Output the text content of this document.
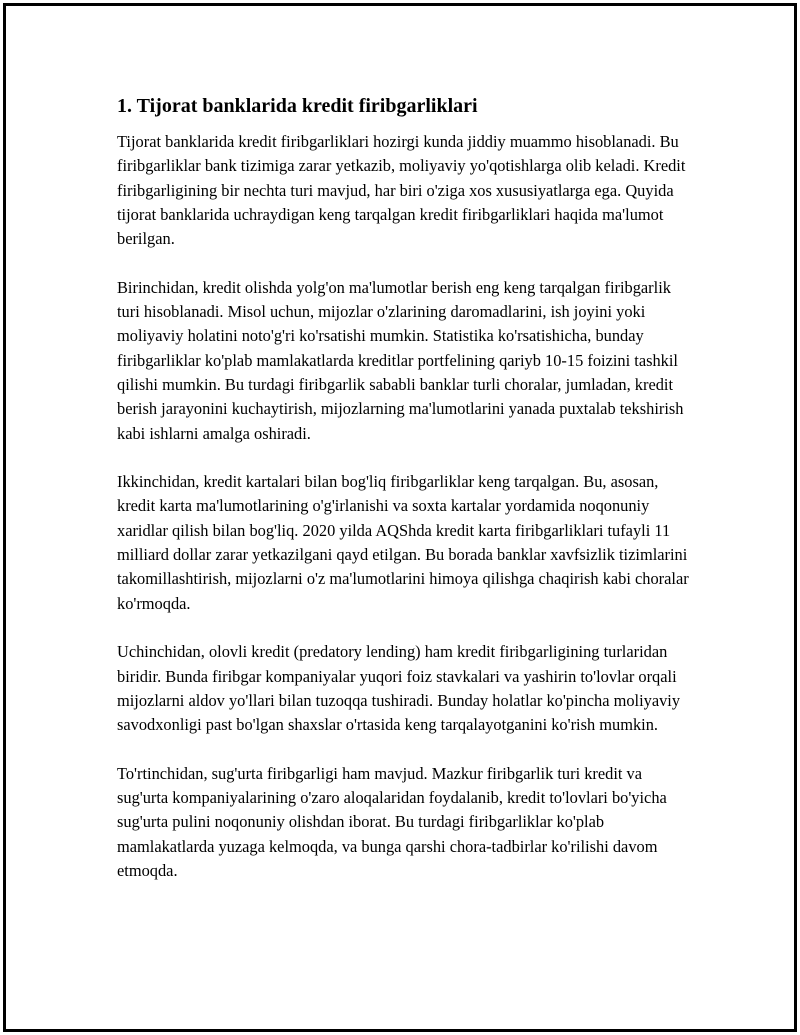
1. Tijorat banklarida kredit firibgarliklari

Tijorat banklarida kredit firibgarliklari hozirgi kunda jiddiy muammo hisoblanadi. Bu firibgarliklar bank tizimiga zarar yetkazib, moliyaviy yo'qotishlarga olib keladi. Kredit firibgarligining bir nechta turi mavjud, har biri o'ziga xos xususiyatlarga ega. Quyida tijorat banklarida uchraydigan keng tarqalgan kredit firibgarliklari haqida ma'lumot berilgan.

Birinchidan, kredit olishda yolg'on ma'lumotlar berish eng keng tarqalgan firibgarlik turi hisoblanadi. Misol uchun, mijozlar o'zlarining daromadlarini, ish joyini yoki moliyaviy holatini noto'g'ri ko'rsatishi mumkin. Statistika ko'rsatishicha, bunday firibgarliklar ko'plab mamlakatlarda kreditlar portfelining qariyb 10-15 foizini tashkil qilishi mumkin. Bu turdagi firibgarlik sababli banklar turli choralar, jumladan, kredit berish jarayonini kuchaytirish, mijozlarning ma'lumotlarini yanada puxtalab tekshirish kabi ishlarni amalga oshiradi.

Ikkinchidan, kredit kartalari bilan bog'liq firibgarliklar keng tarqalgan. Bu, asosan, kredit karta ma'lumotlarining o'g'irlanishi va soxta kartalar yordamida noqonuniy xaridlar qilish bilan bog'liq. 2020 yilda AQShda kredit karta firibgarliklari tufayli 11 milliard dollar zarar yetkazilgani qayd etilgan. Bu borada banklar xavfsizlik tizimlarini takomillashtirish, mijozlarni o'z ma'lumotlarini himoya qilishga chaqirish kabi choralar ko'rmoqda.

Uchinchidan, olovli kredit (predatory lending) ham kredit firibgarligining turlaridan biridir. Bunda firibgar kompaniyalar yuqori foiz stavkalari va yashirin to'lovlar orqali mijozlarni aldov yo'llari bilan tuzoqqa tushiradi. Bunday holatlar ko'pincha moliyaviy savodxonligi past bo'lgan shaxslar o'rtasida keng tarqalayotganini ko'rish mumkin.

To'rtinchidan, sug'urta firibgarligi ham mavjud. Mazkur firibgarlik turi kredit va sug'urta kompaniyalarining o'zaro aloqalaridan foydalanib, kredit to'lovlari bo'yicha sug'urta pulini noqonuniy olishdan iborat. Bu turdagi firibgarliklar ko'plab mamlakatlarda yuzaga kelmoqda, va bunga qarshi chora-tadbirlar ko'rilishi davom etmoqda.
